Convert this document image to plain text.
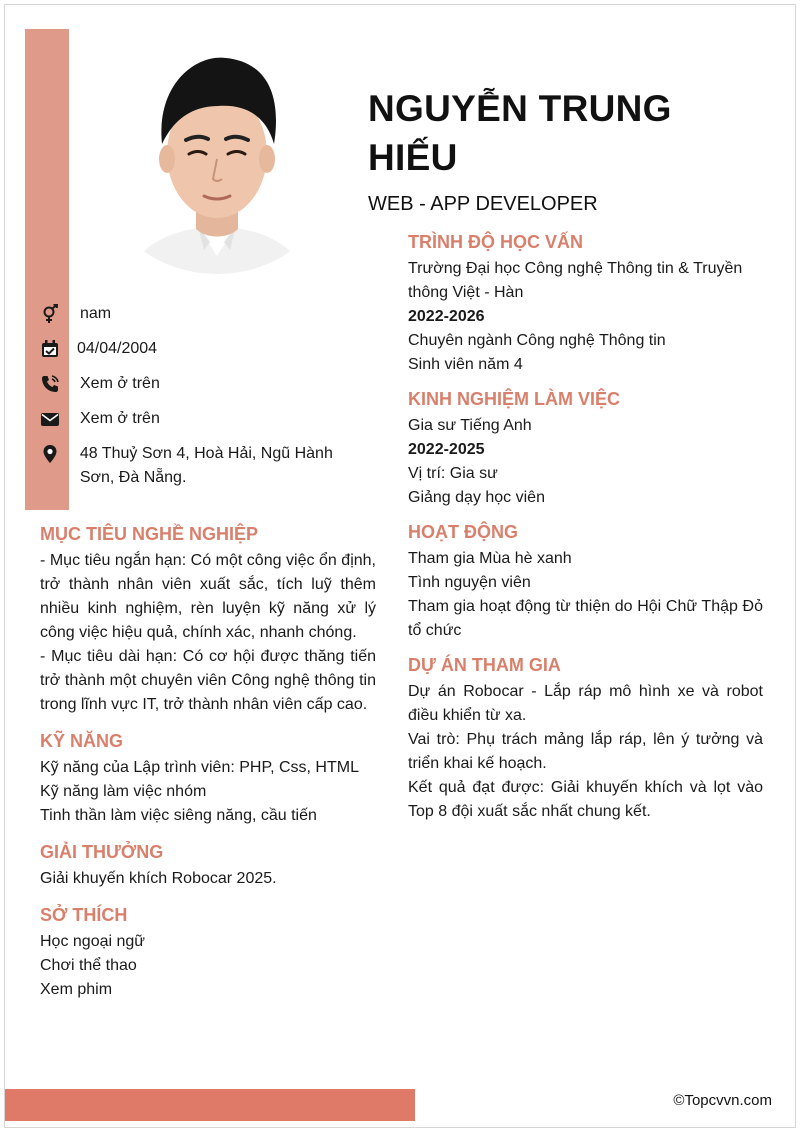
NGUYỄN TRUNG HIẾU
WEB - APP DEVELOPER
nam
04/04/2004
Xem ở trên
Xem ở trên
48 Thuỷ Sơn 4, Hoà Hải, Ngũ Hành Sơn, Đà Nẵng.
MỤC TIÊU NGHỀ NGHIỆP
- Mục tiêu ngắn hạn: Có một công việc ổn định, trở thành nhân viên xuất sắc, tích luỹ thêm nhiều kinh nghiệm, rèn luyện kỹ năng xử lý công việc hiệu quả, chính xác, nhanh chóng.
- Mục tiêu dài hạn: Có cơ hội được thăng tiến trở thành một chuyên viên Công nghệ thông tin trong lĩnh vực IT, trở thành nhân viên cấp cao.
KỸ NĂNG
Kỹ năng của Lập trình viên: PHP, Css, HTML
Kỹ năng làm việc nhóm
Tinh thần làm việc siêng năng, cầu tiến
GIẢI THƯỞNG
Giải khuyến khích Robocar 2025.
SỞ THÍCH
Học ngoại ngữ
Chơi thể thao
Xem phim
TRÌNH ĐỘ HỌC VẤN
Trường Đại học Công nghệ Thông tin & Truyền thông Việt - Hàn
2022-2026
Chuyên ngành Công nghệ Thông tin
Sinh viên năm 4
KINH NGHIỆM LÀM VIỆC
Gia sư Tiếng Anh
2022-2025
Vị trí: Gia sư
Giảng dạy học viên
HOẠT ĐỘNG
Tham gia Mùa hè xanh
Tình nguyện viên
Tham gia hoạt động từ thiện do Hội Chữ Thập Đỏ tổ chức
DỰ ÁN THAM GIA
Dự án Robocar - Lắp ráp mô hình xe và robot điều khiển từ xa.
Vai trò: Phụ trách mảng lắp ráp, lên ý tưởng và triển khai kế hoạch.
Kết quả đạt được: Giải khuyến khích và lọt vào Top 8 đội xuất sắc nhất chung kết.
©Topcvvn.com
